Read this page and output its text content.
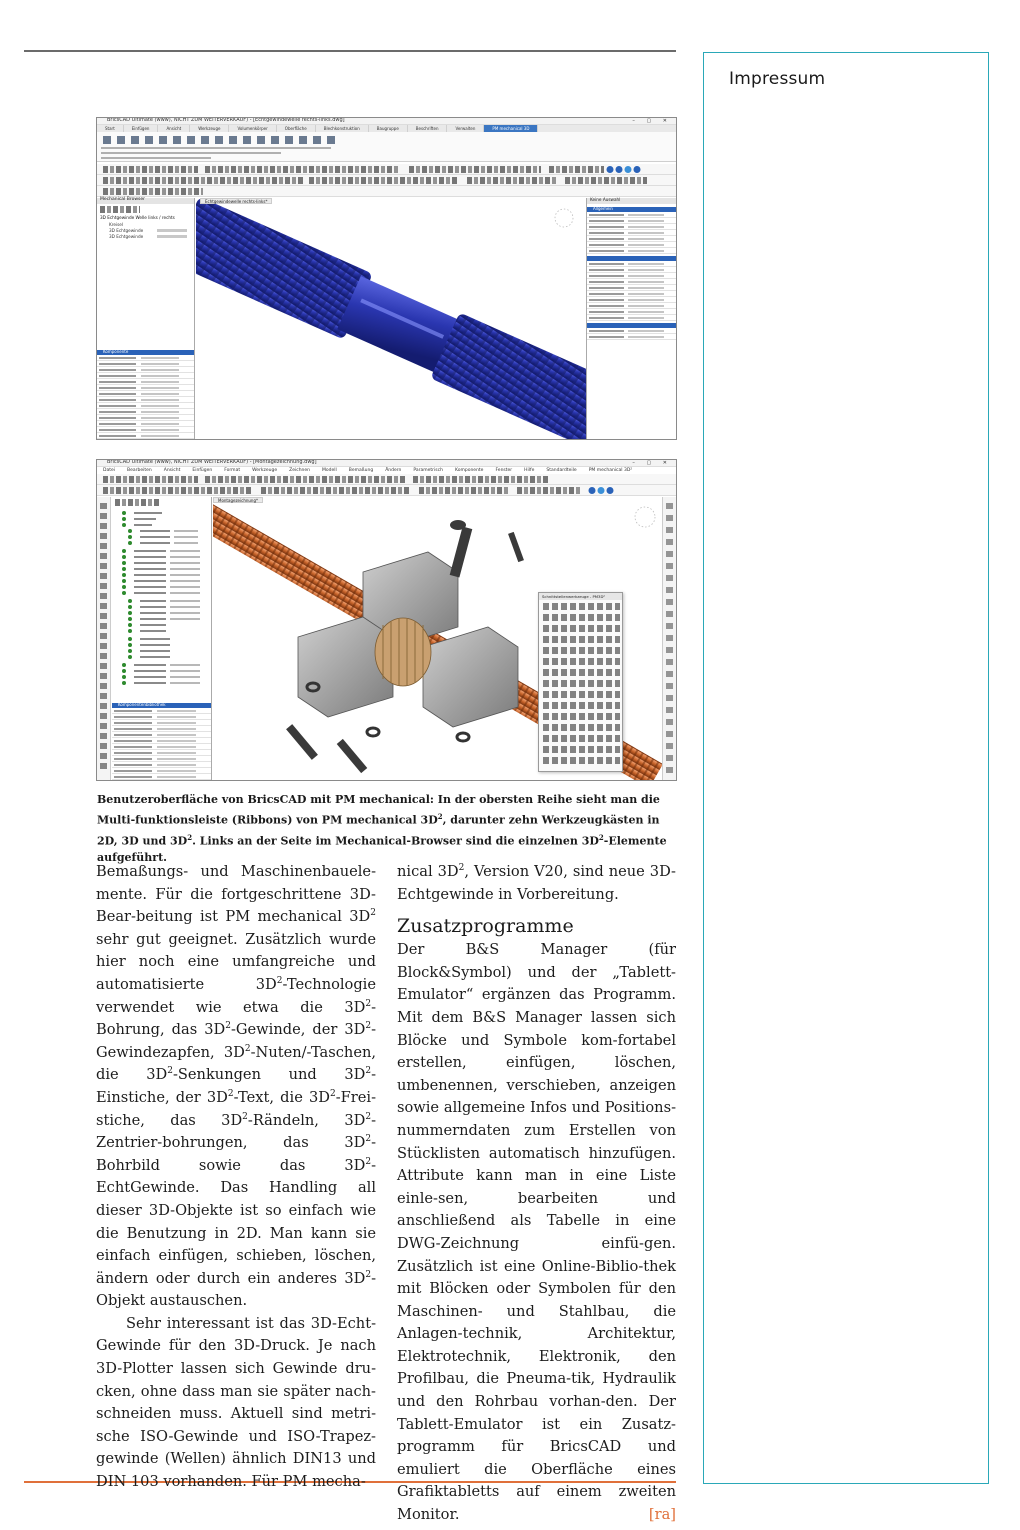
Impressum
BricsCAD Ultimate (www), NICHT ZUM WEITERVERKAUF) - [Echtgewindewelle rechts-links.dwg]	– ▢ ✕
Start	Einfügen	Ansicht	Werkzeuge	Volumenkörper	Oberfläche	Blechkonstruktion	Baugruppe	Beschriften	Verwalten	PM mechanical 3D
Mechanical Browser
3D Echtgewinde Welle links / rechts
Kreisel
3D Echtgewinde
3D Echtgewinde
Komponente
Echtgewindewelle rechts-links*	Keine Auswahl
Allgemein
BricsCAD Ultimate (www), NICHT ZUM WEITERVERKAUF) - [Montagezeichnung.dwg]	– ▢ ✕
Datei	Bearbeiten	Ansicht	Einfügen	Format	Werkzeuge	Zeichnen	Modell	Bemaßung	Ändern	Parametrisch	Komponente	Fenster	Hilfe	Standardteile	PM mechanical 3D²
Komponentenbibliothek
Montagezeichnung*
Schnittstellenwerkzeuge - PM3D²
Benutzeroberfläche von BricsCAD mit PM mechanical: In der obersten Reihe sieht man die Multi-funktionsleiste (Ribbons) von PM mechanical $3D^2$, darunter zehn Werkzeugkästen in 2D, 3D und $3D^2$. Links an der Seite im Mechanical-Browser sind die einzelnen $3D^2$-Elemente aufgeführt.

Bemaßungs- und Maschinenbauele-mente. Für die fortgeschrittene 3D-Bear-beitung ist PM mechanical $3D^2$ sehr gut geeignet. Zusätzlich wurde hier noch eine umfangreiche und automatisierte $3D^2$-Technologie verwendet wie etwa die $3D^2$-Bohrung, das $3D^2$-Gewinde, der $3D^2$-Gewindezapfen, $3D^2-Nuten/$-Taschen, die $3D^2$-Senkungen und $3D^2$-Einstiche, der $3D^2$-Text, die $3D^2-Frei$-stiche, das $3D^2$-Rändeln, $3D^2-Zentrier$-bohrungen, das $3D^2$-Bohrbild sowie das $3D^2$-EchtGewinde. Das Handling all dieser 3D-Objekte ist so einfach wie die Benutzung in 2D. Man kann sie einfach einfügen, schieben, löschen, ändern oder durch ein anderes $3D^2$-Objekt austauschen.

Sehr interessant ist das 3D-Echt-Gewinde für den 3D-Druck. Je nach 3D-Plotter lassen sich Gewinde dru-cken, ohne dass man sie später nach-schneiden muss. Aktuell sind metri-sche ISO-Gewinde und ISO-Trapez-gewinde (Wellen) ähnlich DIN13 und DIN 103 vorhanden. Für PM mecha-

nical $3D^2$, Version V20, sind neue 3D-Echtgewinde in Vorbereitung.

Zusatzprogramme

Der B&S Manager (für Block&Symbol) und der „Tablett-Emulator“ ergänzen das Programm. Mit dem B&S Manager lassen sich Blöcke und Symbole kom-fortabel erstellen, einfügen, löschen, umbenennen, verschieben, anzeigen sowie allgemeine Infos und Positions-nummerndaten zum Erstellen von Stücklisten automatisch hinzufügen. Attribute kann man in eine Liste einle-sen, bearbeiten und anschließend als Tabelle in eine DWG-Zeichnung einfü-gen. Zusätzlich ist eine Online-Biblio-thek mit Blöcken oder Symbolen für den Maschinen- und Stahlbau, die Anlagen-technik, Architektur, Elektrotechnik, Elektronik, den Profilbau, die Pneuma-tik, Hydraulik und den Rohrbau vorhan-den. Der Tablett-Emulator ist ein Zusatz-programm für BricsCAD und emuliert die Oberfläche eines Grafiktabletts auf einem zweiten Monitor.	[ra]
